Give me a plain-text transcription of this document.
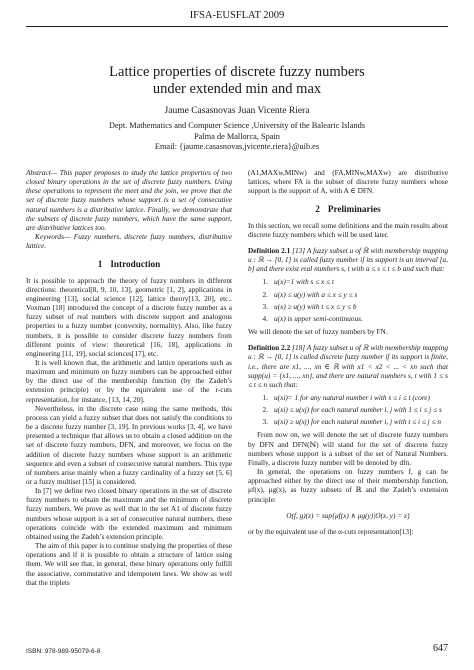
IFSA-EUSFLAT 2009
Lattice properties of discrete fuzzy numbers
under extended min and max
Jaume Casasnovas Juan Vicente Riera
Dept. Mathematics and Computer Science ,University of the Balearic Islands
Palma de Mallorca, Spain
Email: {jaume.casasnovas,jvicente.riera}@uib.es

Abstract— This paper proposes to study the lattice properties of two closed binary operations in the set of discrete fuzzy numbers. Using these operations to represent the meet and the join, we prove that the set of discrete fuzzy numbers whose support is a set of consecutive natural numbers is a distributive lattice. Finally, we demonstrate that the subsets of discrete fuzzy numbers, which have the same support, are distributive lattices too.

Keywords— Fuzzy numbers, discrete fuzzy numbers, distributive lattice.

1 Introduction

It is possible to approach the theory of fuzzy numbers in different directions: theoretical[8, 9, 10, 13], geometric [1, 2], applications in engineering [13], social science [12], lattice theory[13, 20], etc.. Voxman [18] introduced the concept of a discrete fuzzy number as a fuzzy subset of real numbers with discrete support and analogous properties to a fuzzy number (convexity, normality). Also, like fuzzy numbers, it is possible to consider discrete fuzzy numbers from different points of view: theoretical [16, 18], applications in engineering [11, 19], social sciences[17], etc.

It is well known that, the arithmetic and lattice operations such as maximum and minimum on fuzzy numbers can be approached either by the direct use of the membership function (by the Zadeh’s extension principle) or by the equivalent use of the r-cuts representation, for instance, [13, 14, 20].

Nevertheless, in the discrete case using the same methods, this process can yield a fuzzy subset that does not satisfy the conditions to be a discrete fuzzy number [3, 19]. In previous works [3, 4], we have presented a technique that allows us to obtain a closed addition on the set of discrete fuzzy numbers, DFN, and moreover, we focus on the addition of discrete fuzzy numbers whose support is an arithmetic sequence and even a subset of consecutive natural numbers. This type of numbers arise mainly when a fuzzy cardinality of a fuzzy set [5, 6] or a fuzzy multiset [15] is considered.

In [7] we define two closed binary operations in the set of discrete fuzzy numbers to obtain the maximum and the minimum of discrete fuzzy numbers. We prove as well that in the set A1 of discrete fuzzy numbers whose support is a set of consecutive natural numbers, these operations coincide with the extended maximum and minimum obtained using the Zadeh’s extension principle.

The aim of this paper is to continue studying the properties of these operations and if it is possible to obtain a structure of lattice using them. We will see that, in general, these binary operations only fulfill the associative, commutative and idempotent laws. We show as well that the triplets

(A1,MAXw,MINw) and (FA,MINw,MAXw) are distributive lattices, where FA is the subset of discrete fuzzy numbers whose support is the support of A, with A ∈ DFN.

2 Preliminaries

In this section, we recall some definitions and the main results about discrete fuzzy numbers which will be used later.

Definition 2.1 [13] A fuzzy subset u of ℝ with membership mapping u : ℝ → [0, 1] is called fuzzy number if its support is an interval [a, b] and there exist real numbers s, t with a ≤ s ≤ t ≤ b and such that:
1. u(x)=1 with s ≤ x ≤ t
2. u(x) ≤ u(y) with a ≤ x ≤ y ≤ s
3. u(x) ≥ u(y) with t ≤ x ≤ y ≤ b
4. u(x) is upper semi-continuous.

We will denote the set of fuzzy numbers by FN.

Definition 2.2 [18] A fuzzy subset u of ℝ with membership mapping u : ℝ → [0, 1] is called discrete fuzzy number if its support is finite, i.e., there are x1, ..., xn ∈ ℝ with x1 < x2 < ... < xn such that supp(u) = {x1, ..., xn}, and there are natural numbers s, t with 1 ≤ s ≤ t ≤ n such that:
1. u(xi)= 1 for any natural number i with s ≤ i ≤ t (core)
2. u(xi) ≤ u(xj) for each natural number i, j with 1 ≤ i ≤ j ≤ s
3. u(xi) ≥ u(xj) for each natural number i, j with t ≤ i ≤ j ≤ n

From now on, we will denote the set of discrete fuzzy numbers by DFN and DFN(ℕ) will stand for the set of discrete fuzzy numbers whose support is a subset of the set of Natural Numbers. Finally, a discrete fuzzy number will be denoted by dfn.

In general, the operations on fuzzy numbers f, g can be approached either by the direct use of their membership function, μf(x), μg(x), as fuzzy subsets of ℝ and the Zadeh’s extension principle:

O(f, g)(z) = sup{μf(x) ∧ μg(y)|O(x, y) = z}

or by the equivalent use of the α-cuts representation[13]:

ISBN: 978-989-95079-6-8	647
